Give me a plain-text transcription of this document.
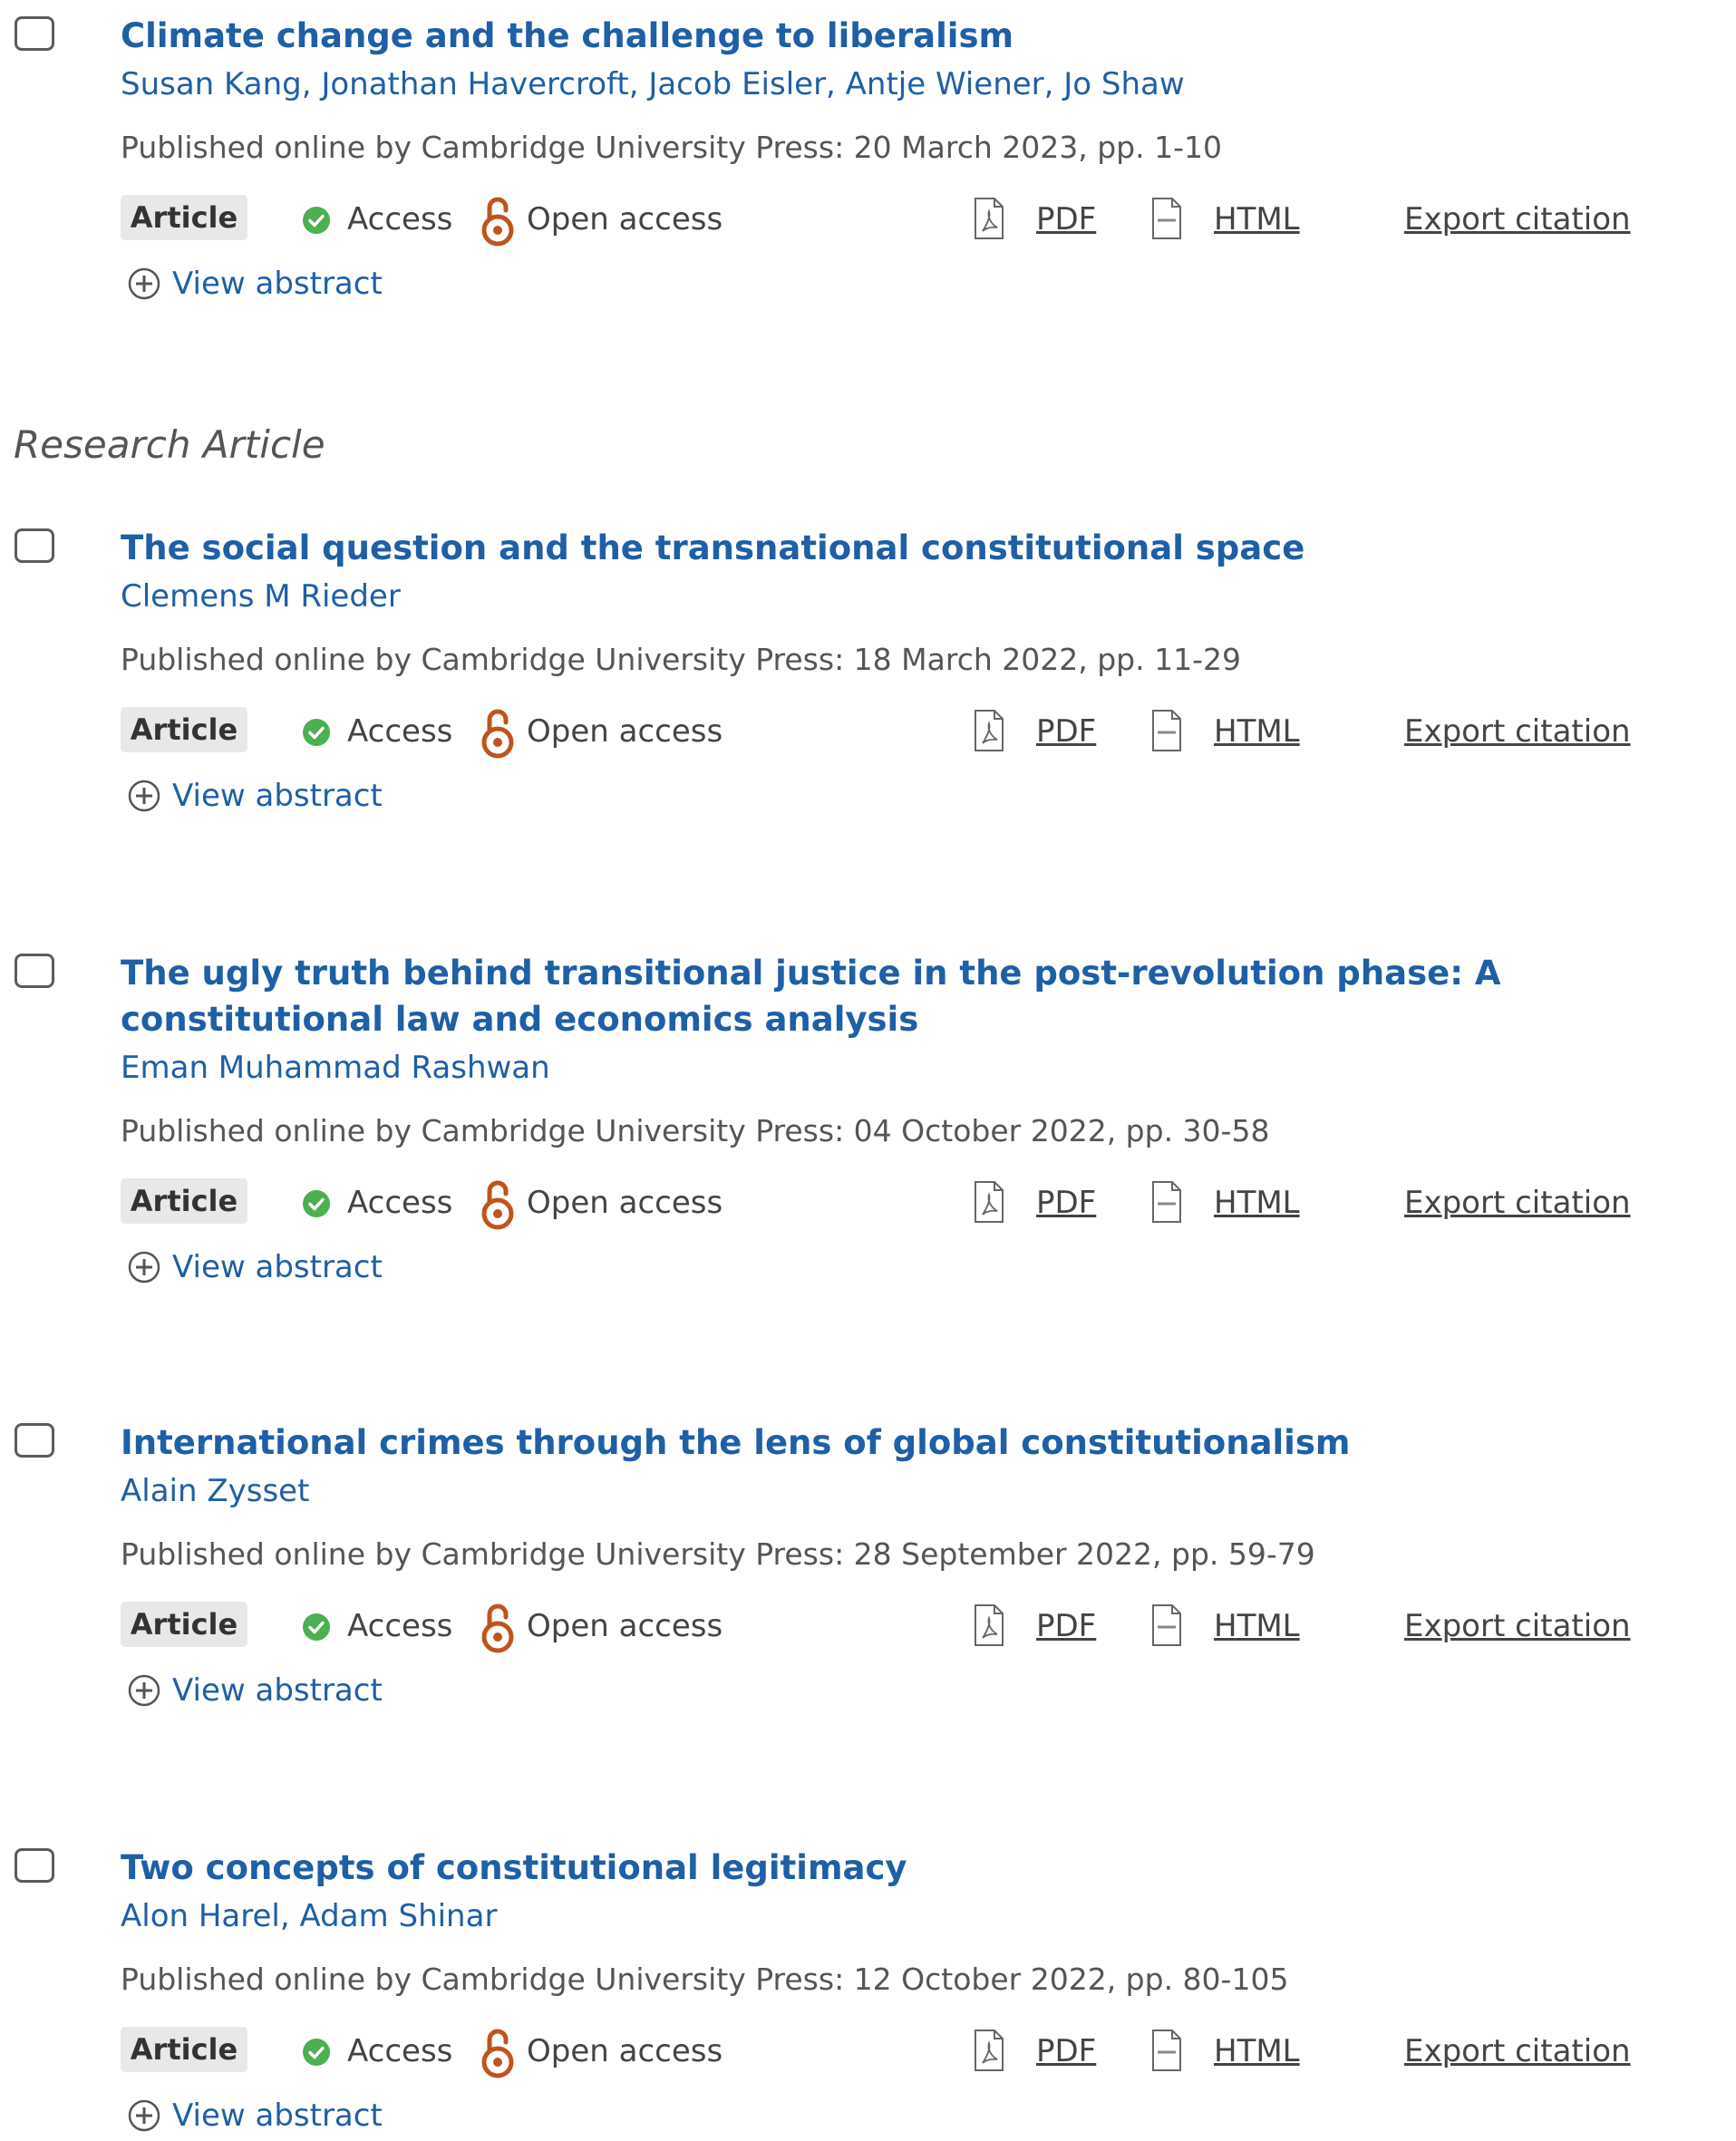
Research Article
Climate change and the challenge to liberalism
Susan Kang, Jonathan Havercroft, Jacob Eisler, Antje Wiener, Jo Shaw
Published online by Cambridge University Press: 20 March 2023, pp. 1-10
Article	Access Open access	PDF	HTML	Export citation
View abstract
The social question and the transnational constitutional space
Clemens M Rieder
Published online by Cambridge University Press: 18 March 2022, pp. 11-29
Article	Access Open access	PDF	HTML	Export citation
View abstract
The ugly truth behind transitional justice in the post-revolution phase: A constitutional law and economics analysis
Eman Muhammad Rashwan
Published online by Cambridge University Press: 04 October 2022, pp. 30-58
Article	Access Open access	PDF	HTML	Export citation
View abstract
International crimes through the lens of global constitutionalism
Alain Zysset
Published online by Cambridge University Press: 28 September 2022, pp. 59-79
Article	Access Open access	PDF	HTML	Export citation
View abstract
Two concepts of constitutional legitimacy
Alon Harel, Adam Shinar
Published online by Cambridge University Press: 12 October 2022, pp. 80-105
Article	Access Open access	PDF	HTML	Export citation
View abstract
